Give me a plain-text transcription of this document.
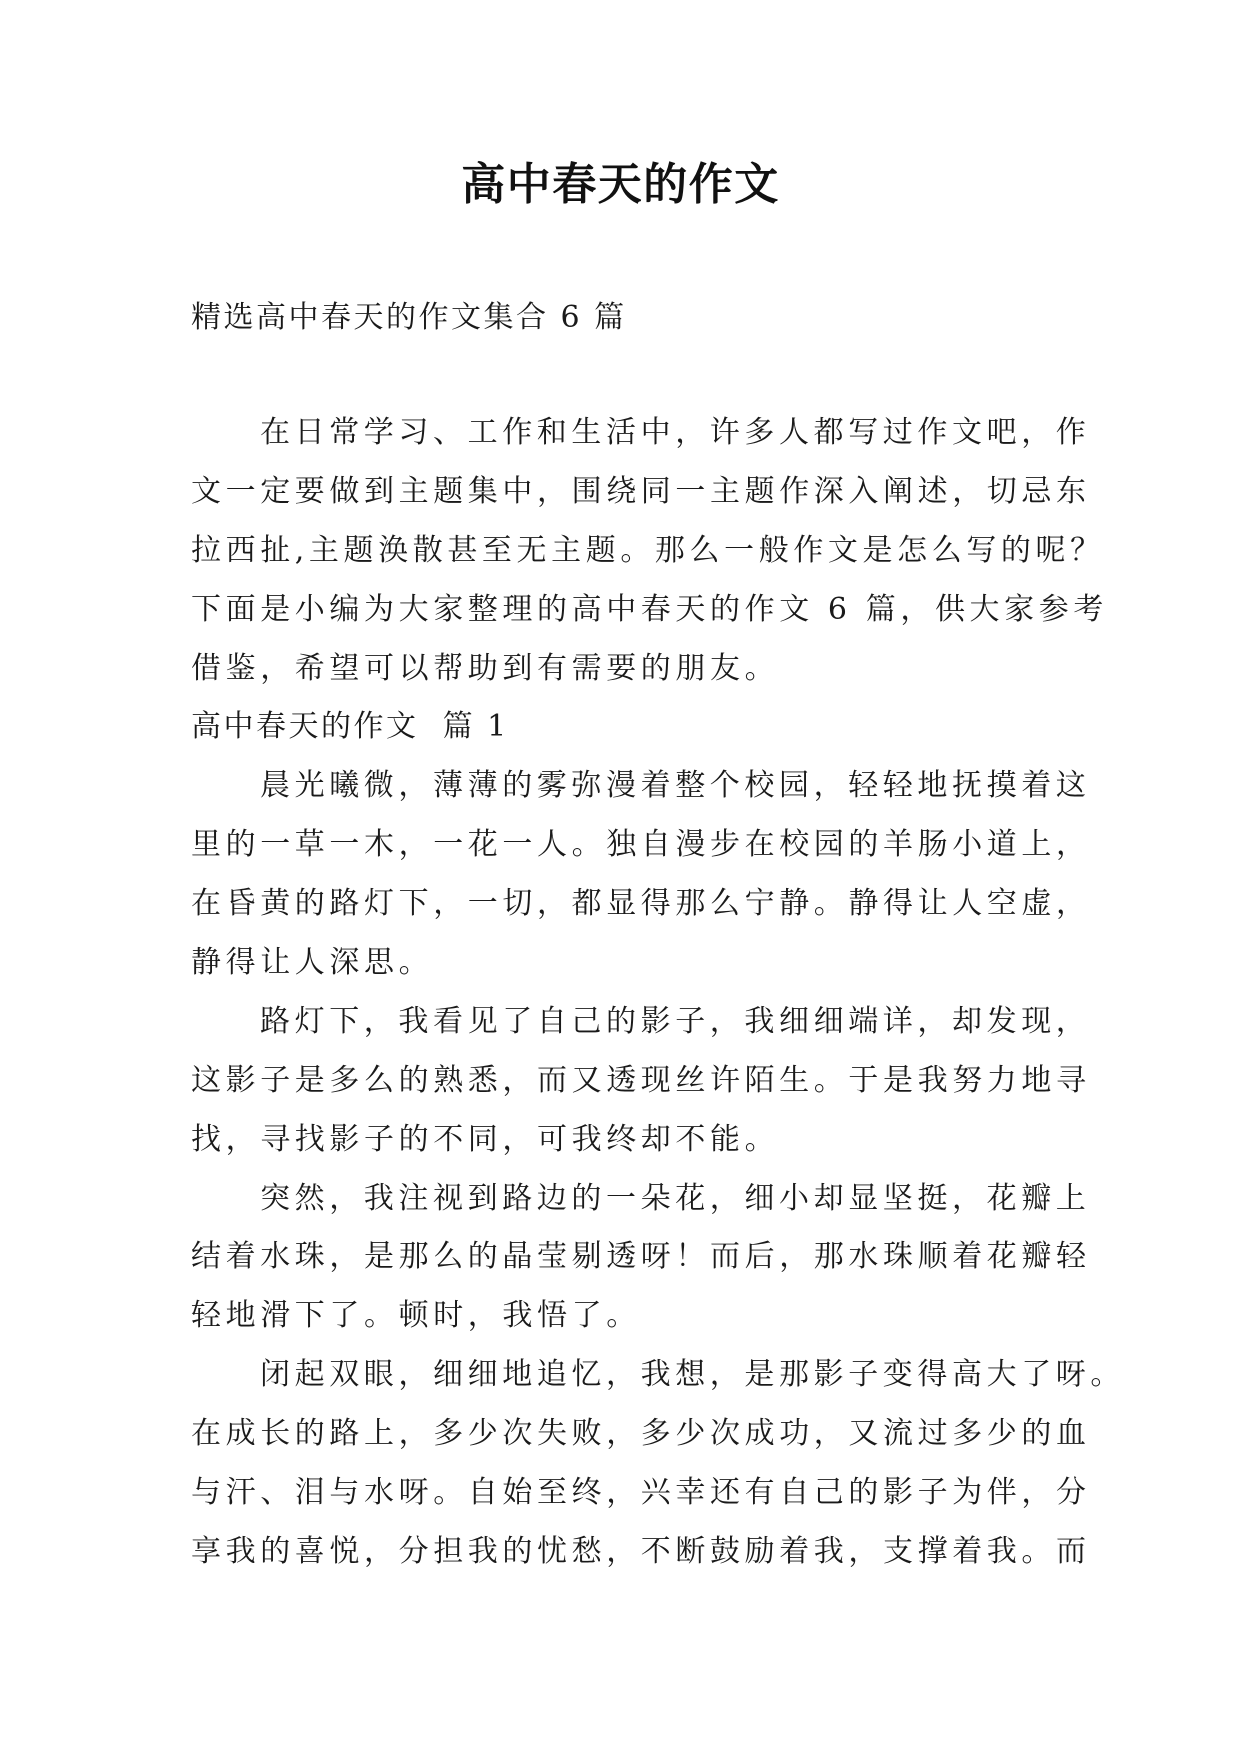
高中春天的作文
精选高中春天的作文集合 6 篇
在日常学习、工作和生活中，许多人都写过作文吧，作
文一定要做到主题集中，围绕同一主题作深入阐述，切忌东
拉西扯,主题涣散甚至无主题。那么一般作文是怎么写的呢？
下面是小编为大家整理的高中春天的作文 6 篇，供大家参考
借鉴，希望可以帮助到有需要的朋友。
高中春天的作文  篇 1
晨光曦微，薄薄的雾弥漫着整个校园，轻轻地抚摸着这
里的一草一木，一花一人。独自漫步在校园的羊肠小道上，
在昏黄的路灯下，一切，都显得那么宁静。静得让人空虚，
静得让人深思。
路灯下，我看见了自己的影子，我细细端详，却发现，
这影子是多么的熟悉，而又透现丝许陌生。于是我努力地寻
找，寻找影子的不同，可我终却不能。
突然，我注视到路边的一朵花，细小却显坚挺，花瓣上
结着水珠，是那么的晶莹剔透呀！而后，那水珠顺着花瓣轻
轻地滑下了。顿时，我悟了。
闭起双眼，细细地追忆，我想，是那影子变得高大了呀。
在成长的路上，多少次失败，多少次成功，又流过多少的血
与汗、泪与水呀。自始至终，兴幸还有自己的影子为伴，分
享我的喜悦，分担我的忧愁，不断鼓励着我，支撑着我。而
